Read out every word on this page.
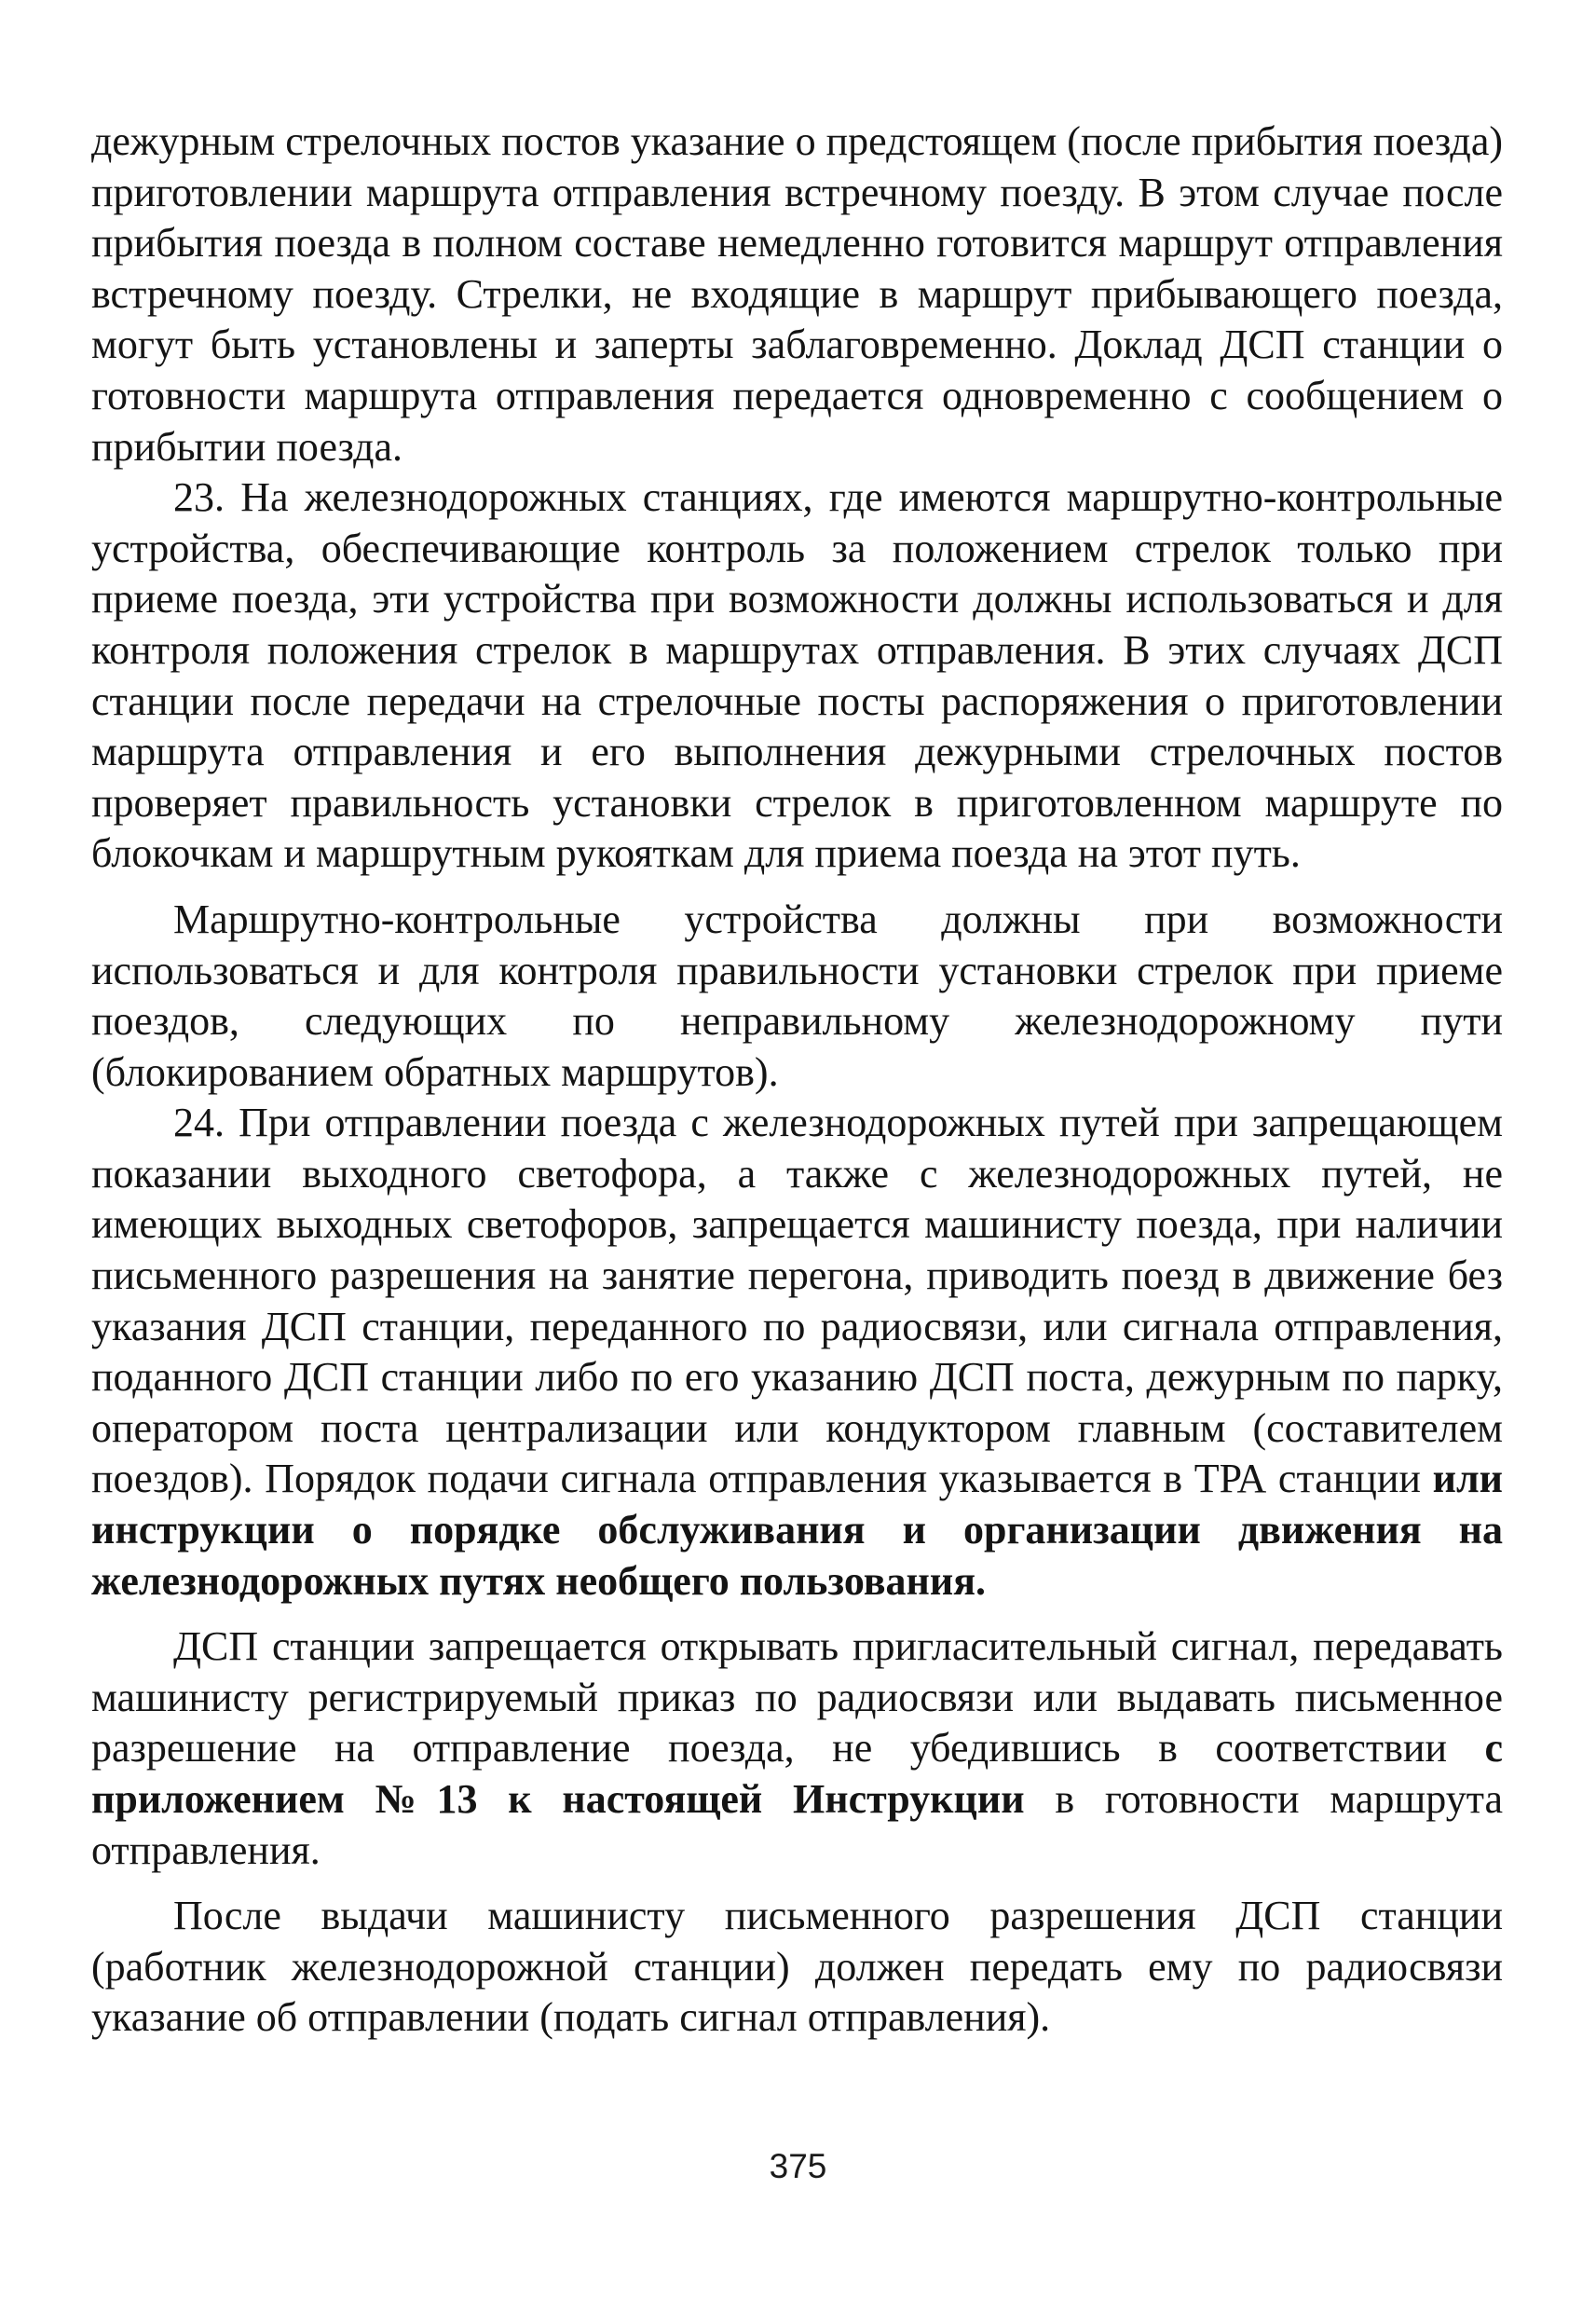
дежурным стрелочных постов указание о предстоящем (после прибытия поезда) приготовлении маршрута отправления встречному поезду. В этом случае после прибытия поезда в полном составе немедленно готовится маршрут отправления встречному поезду. Стрелки, не входящие в маршрут прибывающего поезда, могут быть установлены и заперты заблаговременно. Доклад ДСП станции о готовности маршрута отправления передается одновременно с сообщением о прибытии поезда.

23. На железнодорожных станциях, где имеются маршрутно-контрольные устройства, обеспечивающие контроль за положением стрелок только при приеме поезда, эти устройства при возможности должны использоваться и для контроля положения стрелок в маршрутах отправления. В этих случаях ДСП станции после передачи на стрелочные посты распоряжения о приготовлении маршрута отправления и его выполнения дежурными стрелочных постов проверяет правильность установки стрелок в приготовленном маршруте по блокочкам и маршрутным рукояткам для приема поезда на этот путь.

Маршрутно-контрольные устройства должны при возможности использоваться и для контроля правильности установки стрелок при приеме поездов, следующих по неправильному железнодорожному пути (блокированием обратных маршрутов).

24. При отправлении поезда с железнодорожных путей при запрещающем показании выходного светофора, а также с железнодорожных путей, не имеющих выходных светофоров, запрещается машинисту поезда, при наличии письменного разрешения на занятие перегона, приводить поезд в движение без указания ДСП станции, переданного по радиосвязи, или сигнала отправления, поданного ДСП станции либо по его указанию ДСП поста, дежурным по парку, оператором поста централизации или кондуктором главным (составителем поездов). Порядок подачи сигнала отправления указывается в ТРА станции или инструкции о порядке обслуживания и организации движения на железнодорожных путях необщего пользования.

ДСП станции запрещается открывать пригласительный сигнал, передавать машинисту регистрируемый приказ по радиосвязи или выдавать письменное разрешение на отправление поезда, не убедившись в соответствии с приложением №13 к настоящей Инструкции в готовности маршрута отправления.

После выдачи машинисту письменного разрешения ДСП станции (работник железнодорожной станции) должен передать ему по радиосвязи указание об отправлении (подать сигнал отправления).

375
